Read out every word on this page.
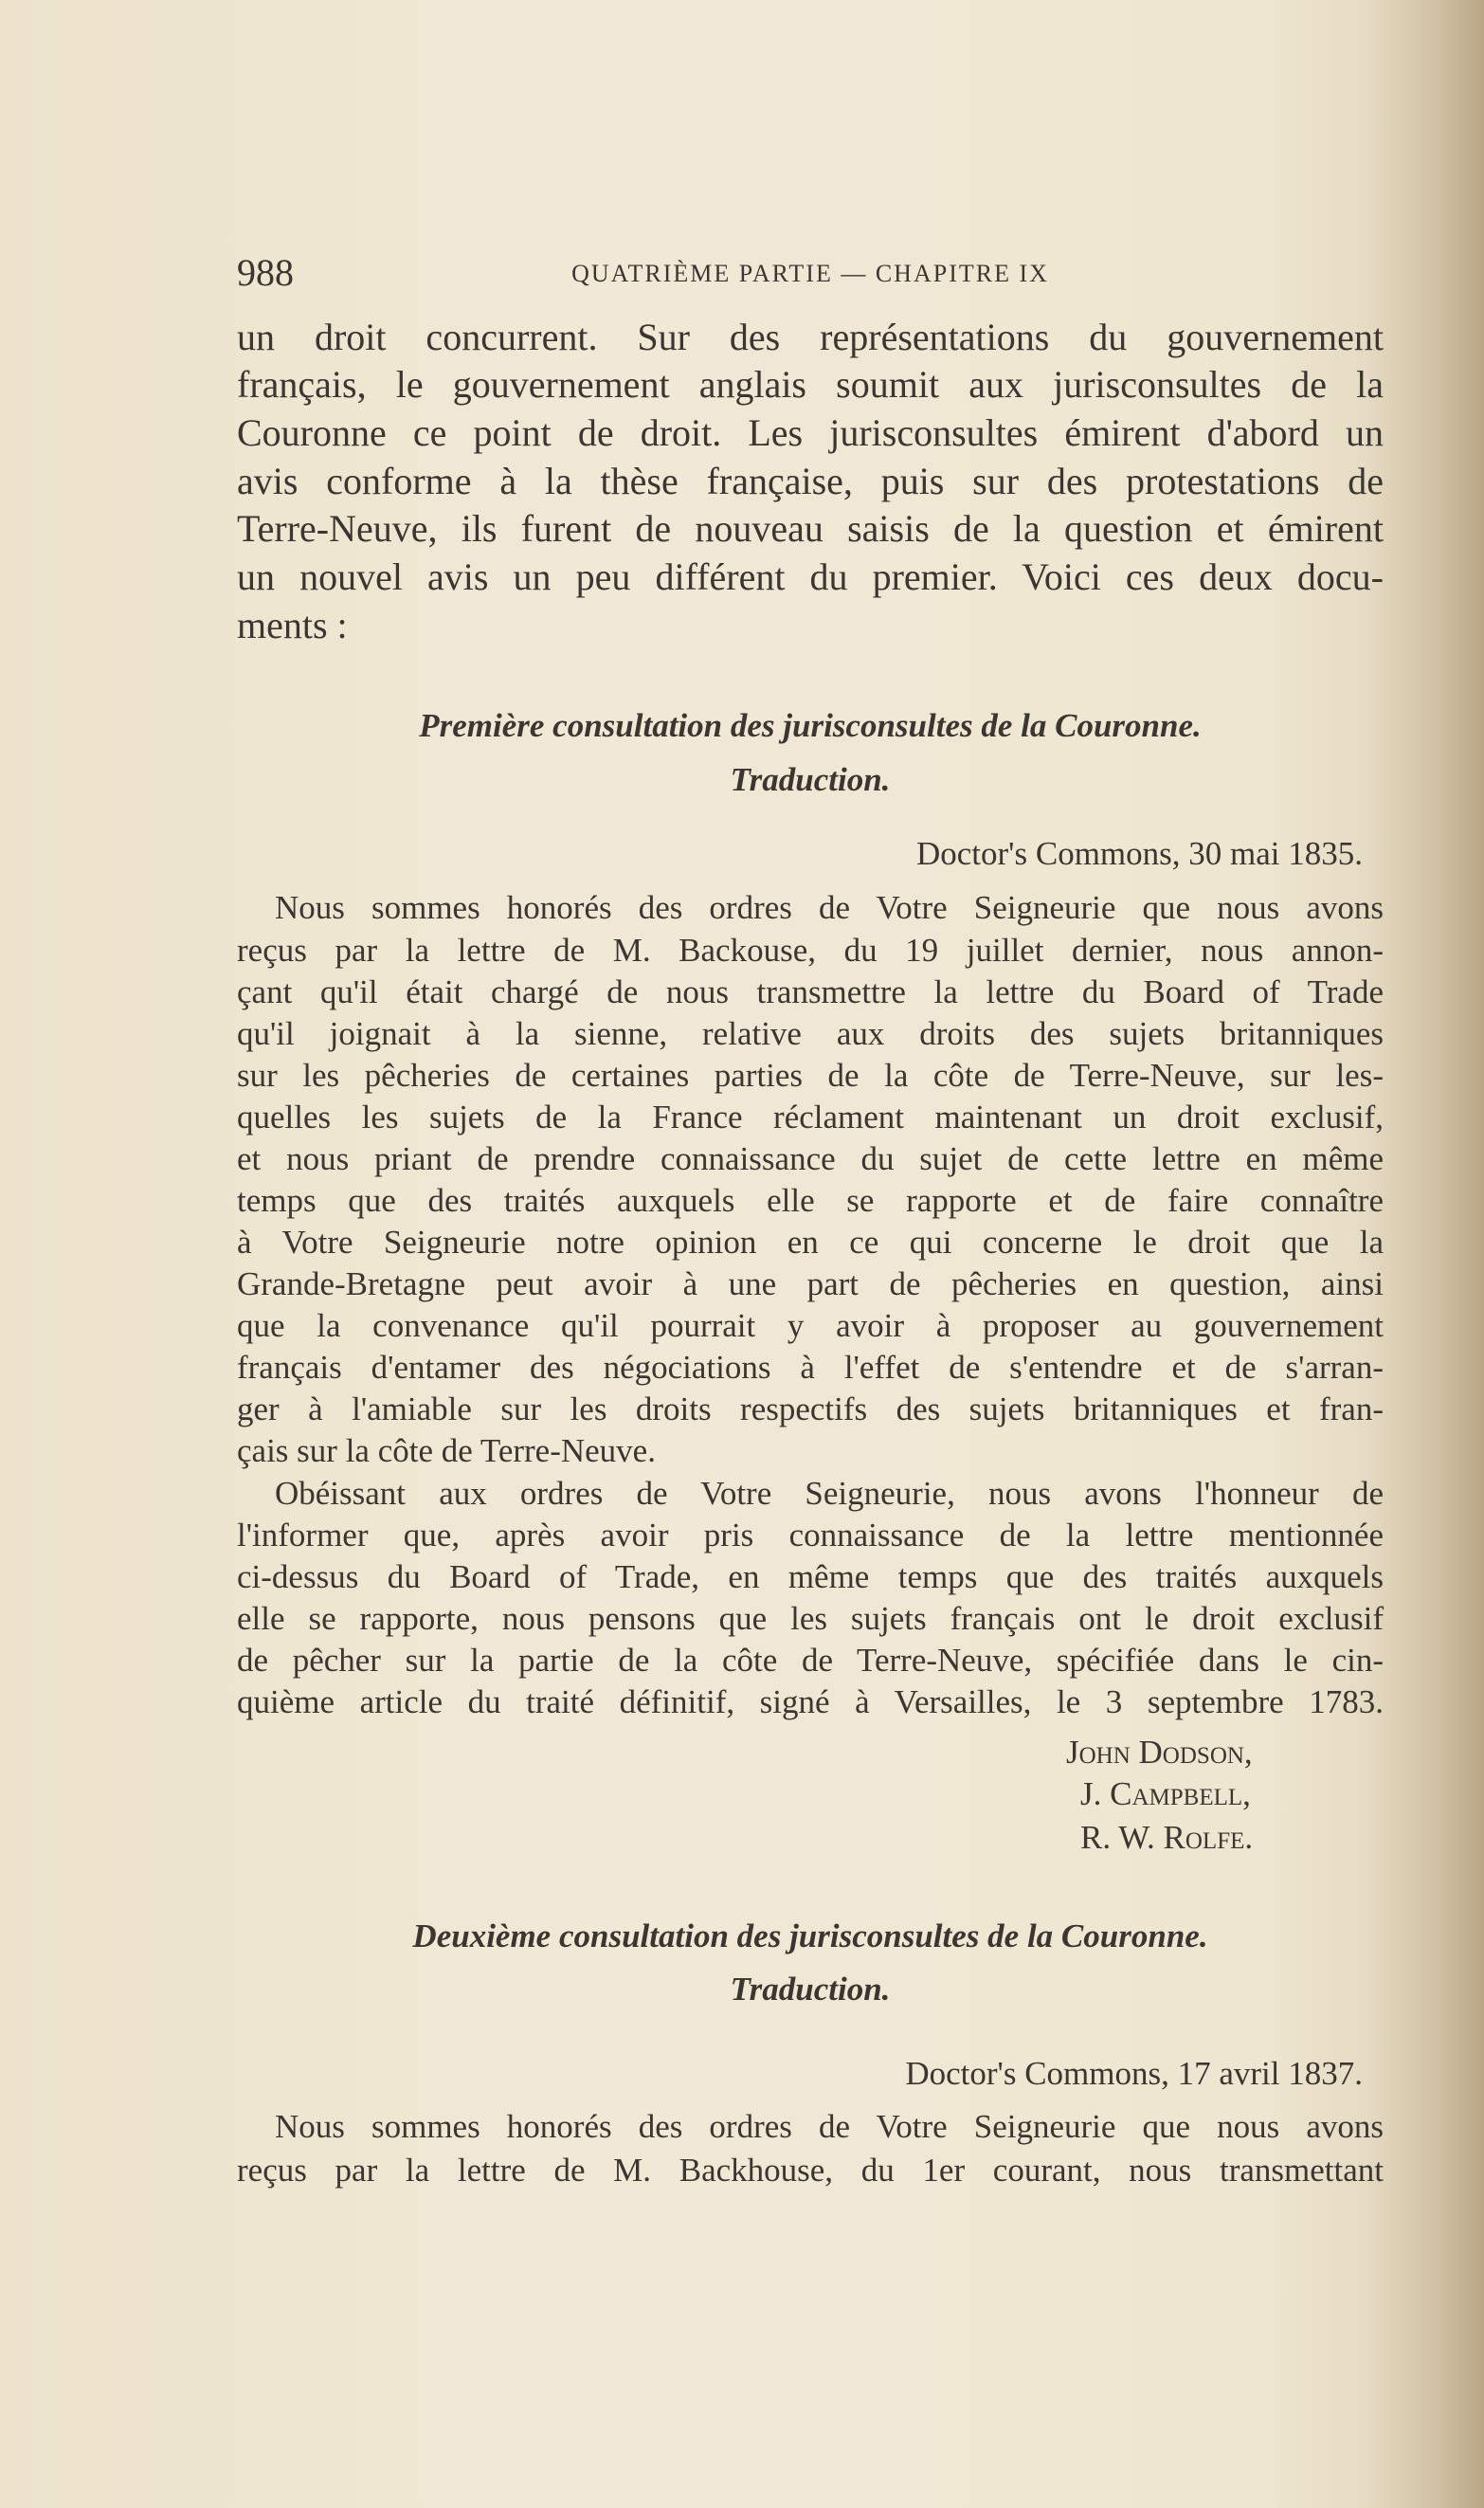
988	QUATRIÈME PARTIE — CHAPITRE IX
un droit concurrent. Sur des représentations du gouvernement
français, le gouvernement anglais soumit aux jurisconsultes de la
Couronne ce point de droit. Les jurisconsultes émirent d'abord un
avis conforme à la thèse française, puis sur des protestations de
Terre-Neuve, ils furent de nouveau saisis de la question et émirent
un nouvel avis un peu différent du premier. Voici ces deux docu-
ments :
Première consultation des jurisconsultes de la Couronne.
Traduction.
Doctor's Commons, 30 mai 1835.
Nous sommes honorés des ordres de Votre Seigneurie que nous avons
reçus par la lettre de M. Backouse, du 19 juillet dernier, nous annon-
çant qu'il était chargé de nous transmettre la lettre du Board of Trade
qu'il joignait à la sienne, relative aux droits des sujets britanniques
sur les pêcheries de certaines parties de la côte de Terre-Neuve, sur les-
quelles les sujets de la France réclament maintenant un droit exclusif,
et nous priant de prendre connaissance du sujet de cette lettre en même
temps que des traités auxquels elle se rapporte et de faire connaître
à Votre Seigneurie notre opinion en ce qui concerne le droit que la
Grande-Bretagne peut avoir à une part de pêcheries en question, ainsi
que la convenance qu'il pourrait y avoir à proposer au gouvernement
français d'entamer des négociations à l'effet de s'entendre et de s'arran-
ger à l'amiable sur les droits respectifs des sujets britanniques et fran-
çais sur la côte de Terre-Neuve.
Obéissant aux ordres de Votre Seigneurie, nous avons l'honneur de
l'informer que, après avoir pris connaissance de la lettre mentionnée
ci-dessus du Board of Trade, en même temps que des traités auxquels
elle se rapporte, nous pensons que les sujets français ont le droit exclusif
de pêcher sur la partie de la côte de Terre-Neuve, spécifiée dans le cin-
quième article du traité définitif, signé à Versailles, le 3 septembre 1783.
John Dodson,
J. Campbell,
R. W. Rolfe.
Deuxième consultation des jurisconsultes de la Couronne.
Traduction.
Doctor's Commons, 17 avril 1837.
Nous sommes honorés des ordres de Votre Seigneurie que nous avons
reçus par la lettre de M. Backhouse, du 1er courant, nous transmettant
